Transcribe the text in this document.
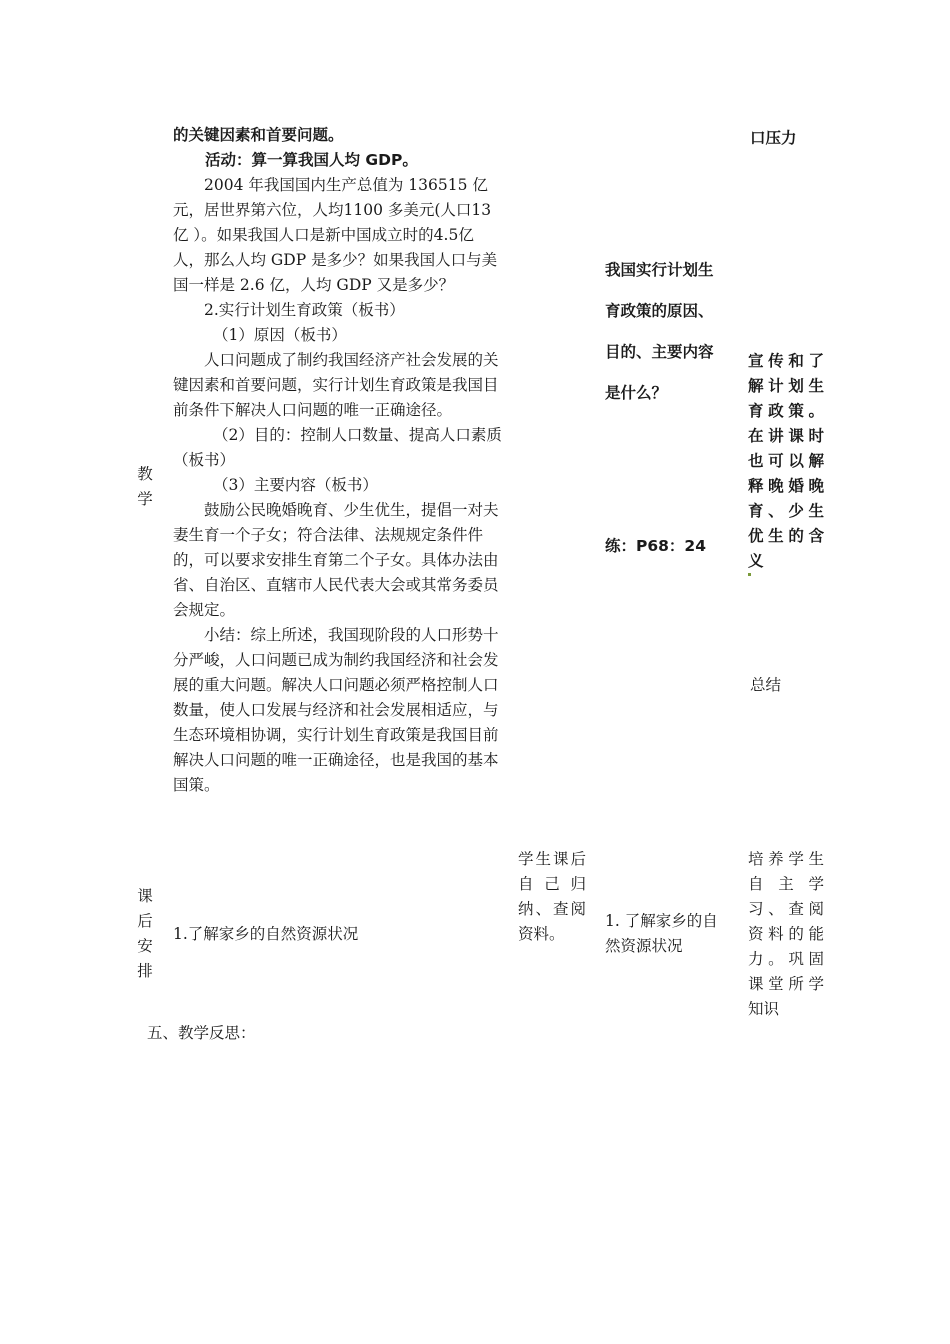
的关键因素和首要问题。
活动：算一算我国人均 GDP。

2004 年我国国内生产总值为 136515 亿元，居世界第六位，人均1100 多美元(人口13 亿 ）。如果我国人口是新中国成立时的4.5亿人，那么人均 GDP 是多少？如果我国人口与美国一样是 2.6 亿，人均 GDP 又是多少？

2.实行计划生育政策（板书）

（1）原因（板书）

人口问题成了制约我国经济产社会发展的关键因素和首要问题，实行计划生育政策是我国目前条件下解决人口问题的唯一正确途径。

（2）目的：控制人口数量、提高人口素质（板书）

（3）主要内容（板书）

鼓励公民晚婚晚育、少生优生，提倡一对夫妻生育一个子女；符合法律、法规规定条件件的，可以要求安排生育第二个子女。具体办法由省、自治区、直辖市人民代表大会或其常务委员会规定。

小结：综上所述，我国现阶段的人口形势十分严峻，人口问题已成为制约我国经济和社会发展的重大问题。解决人口问题必须严格控制人口数量，使人口发展与经济和社会发展相适应，与生态环境相协调，实行计划生育政策是我国目前解决人口问题的唯一正确途径，也是我国的基本国策。

教
学
课
后
安
排
我国实行计划生
育政策的原因、
目的、主要内容
是什么？
练：P68：24
口压力
宣传和了
解计划生
育政策。
在讲课时
也可以解
释晚婚晚
育、少生
优生的含
义
总结
培养学生
自主学
习、查阅
资料的能
力。巩固
课堂所学
知识
1.了解家乡的自然资源状况
学生课后
自己归
纳、查阅
资料。
1. 了解家乡的自
然资源状况
五、教学反思：
